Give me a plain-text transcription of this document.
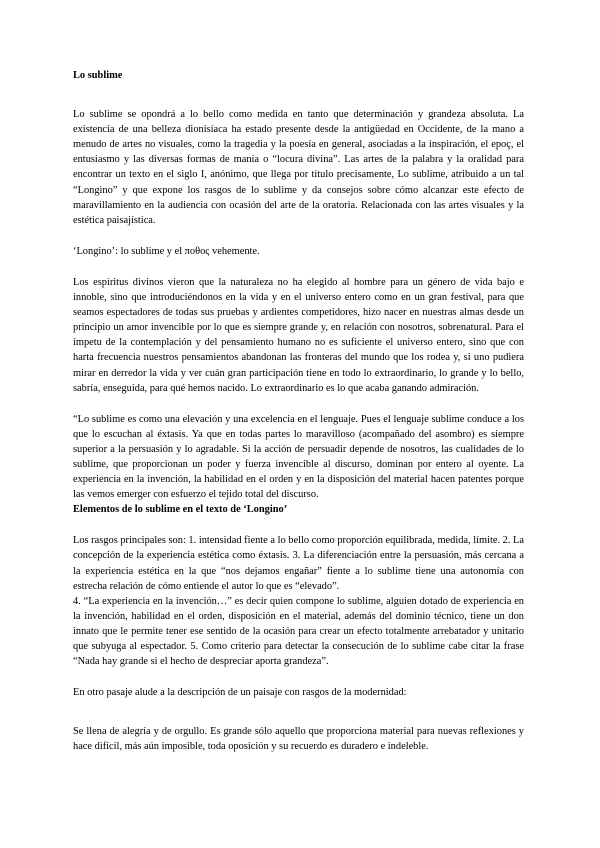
Lo sublime

Lo sublime se opondrá a lo bello como medida en tanto que determinación y grandeza absoluta. La existencia de una belleza dionisíaca ha estado presente desde la antigüedad en Occidente, de la mano a menudo de artes no visuales, como la tragedia y la poesía en general, asociadas a la inspiración, el epoç, el entusiasmo y las diversas formas de manía o “locura divina”. Las artes de la palabra y la oralidad para encontrar un texto en el siglo I, anónimo, que llega por título precisamente, Lo sublime, atribuido a un tal “Longino” y que expone los rasgos de lo sublime y da consejos sobre cómo alcanzar este efecto de maravillamiento en la audiencia con ocasión del arte de la oratoria. Relacionada con las artes visuales y la estética paisajística.

‘Longino’: lo sublime y el ποθος vehemente.

Los espíritus divinos vieron que la naturaleza no ha elegido al hombre para un género de vida bajo e innoble, sino que introduciéndonos en la vida y en el universo entero como en un gran festival, para que seamos espectadores de todas sus pruebas y ardientes competidores, hizo nacer en nuestras almas desde un principio un amor invencible por lo que es siempre grande y, en relación con nosotros, sobrenatural. Para el ímpetu de la contemplación y del pensamiento humano no es suficiente el universo entero, sino que con harta frecuencia nuestros pensamientos abandonan las fronteras del mundo que los rodea y, si uno pudiera mirar en derredor la vida y ver cuán gran participación tiene en todo lo extraordinario, lo grande y lo bello, sabría, enseguida, para qué hemos nacido. Lo extraordinario es lo que acaba ganando admiración.

“Lo sublime es como una elevación y una excelencia en el lenguaje. Pues el lenguaje sublime conduce a los que lo escuchan al éxtasis. Ya que en todas partes lo maravilloso (acompañado del asombro) es siempre superior a la persuasión y lo agradable. Si la acción de persuadir depende de nosotros, las cualidades de lo sublime, que proporcionan un poder y fuerza invencible al discurso, dominan por entero al oyente. La experiencia en la invención, la habilidad en el orden y en la disposición del material hacen patentes porque las vemos emerger con esfuerzo el tejido total del discurso.

Elementos de lo sublime en el texto de ‘Longino’

Los rasgos principales son: 1. intensidad fiente a lo bello como proporción equilibrada, medida, límite. 2. La concepción de la experiencia estética como éxtasis. 3. La diferenciación entre la persuasión, más cercana a la experiencia estética en la que “nos dejamos engañar” fiente a lo sublime tiene una autonomía con estrecha relación de cómo entiende el autor lo que es “elevado”.

4. “La experiencia en la invención…” es decir quien compone lo sublime, alguien dotado de experiencia en la invención, habilidad en el orden, disposición en el material, además del dominio técnico, tiene un don innato que le permite tener ese sentido de la ocasión para crear un efecto totalmente arrebatador y unitario que subyuga al espectador. 5. Como criterio para detectar la consecución de lo sublime cabe citar la frase “Nada hay grande si el hecho de despreciar aporta grandeza”.

En otro pasaje alude a la descripción de un paisaje con rasgos de la modernidad:

Se llena de alegría y de orgullo. Es grande sólo aquello que proporciona material para nuevas reflexiones y hace difícil, más aún imposible, toda oposición y su recuerdo es duradero e indeleble.
